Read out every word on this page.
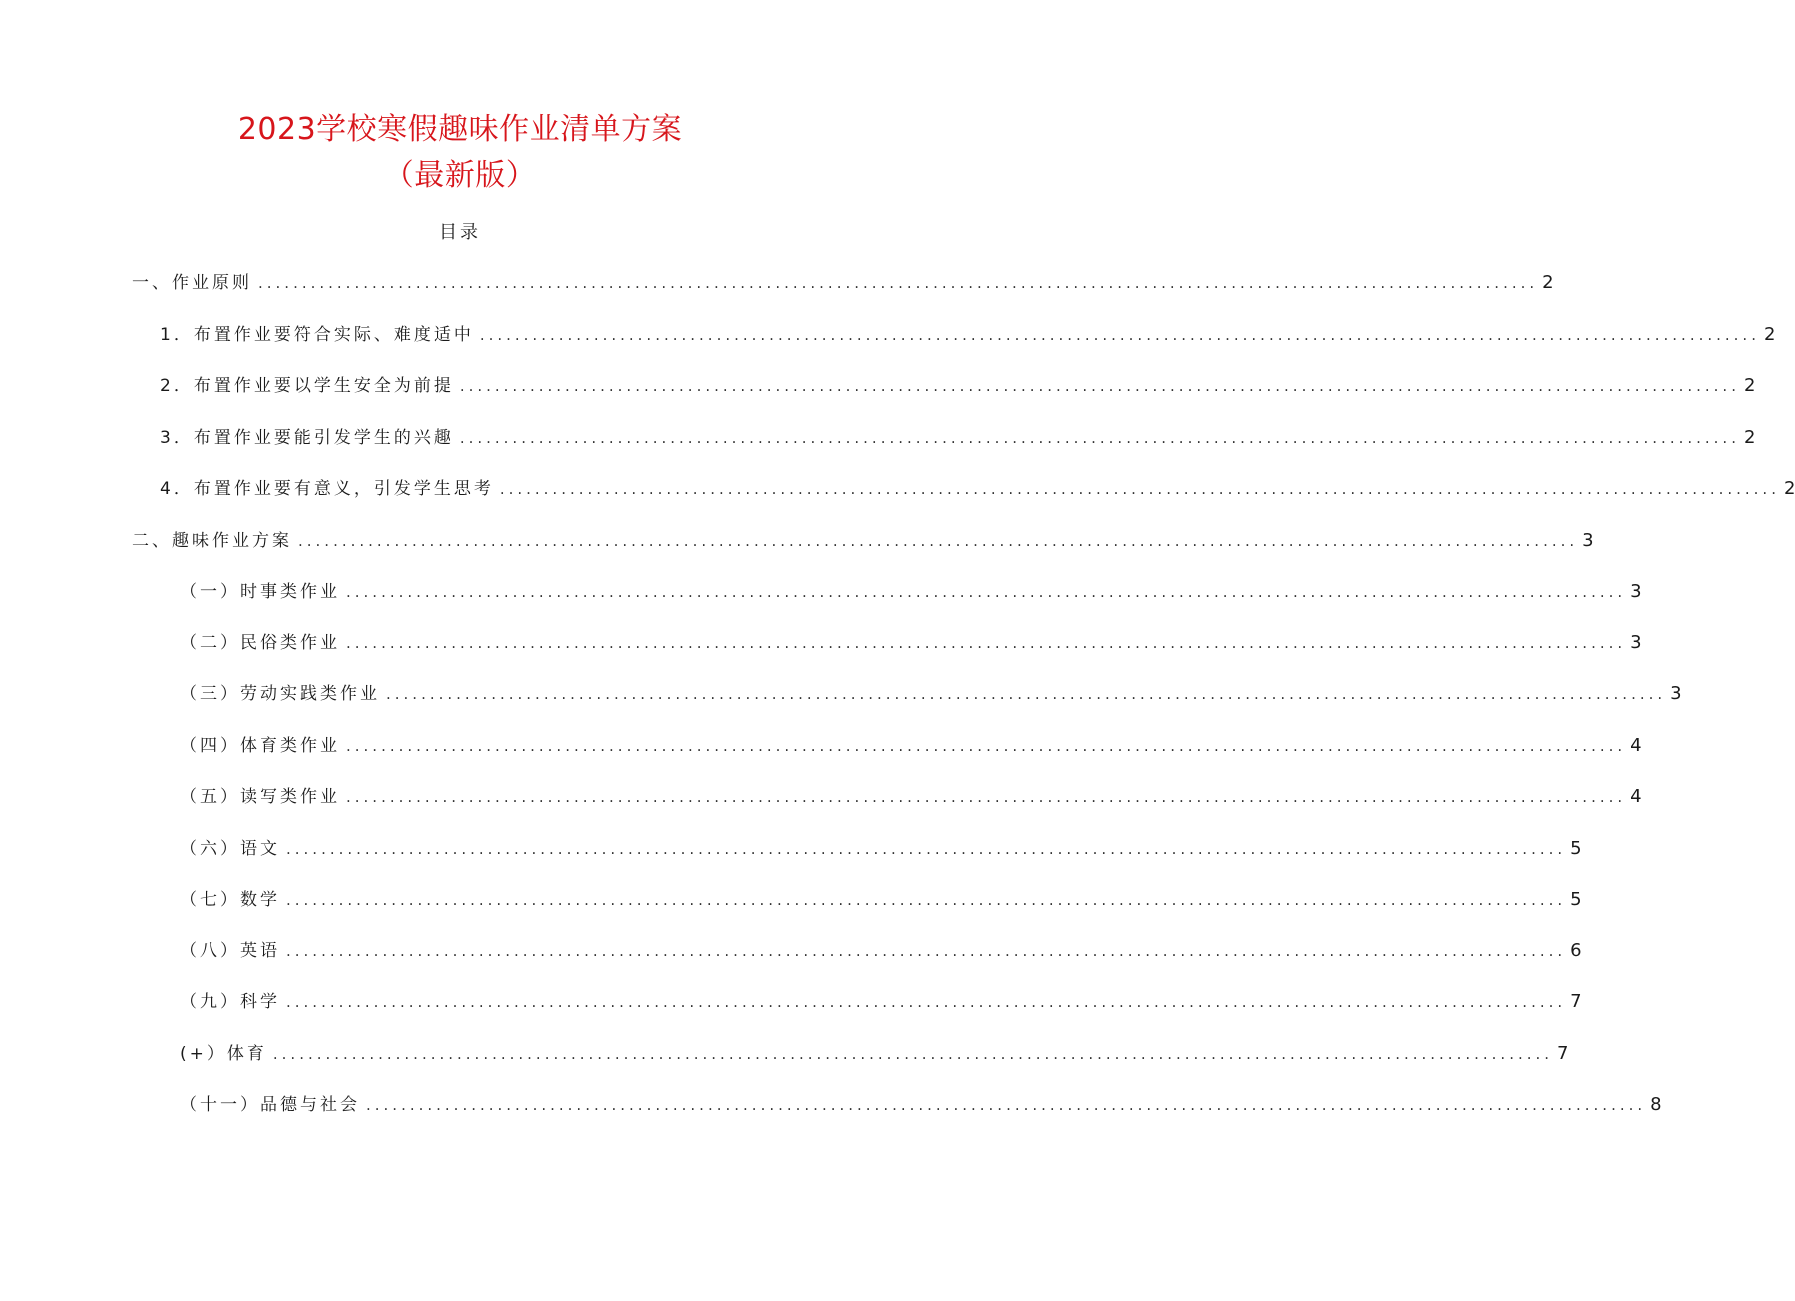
2023学校寒假趣味作业清单方案
（最新版）
目录
一、作业原则 .................................................................................................................................................. 2
1．布置作业要符合实际、难度适中 .................................................................................................................................................. 2
2．布置作业要以学生安全为前提 .................................................................................................................................................. 2
3．布置作业要能引发学生的兴趣 .................................................................................................................................................. 2
4．布置作业要有意义，引发学生思考 .................................................................................................................................................. 2
二、趣味作业方案 .................................................................................................................................................. 3
（一）时事类作业 .................................................................................................................................................. 3
（二）民俗类作业 .................................................................................................................................................. 3
（三）劳动实践类作业 .................................................................................................................................................. 3
（四）体育类作业 .................................................................................................................................................. 4
（五）读写类作业 .................................................................................................................................................. 4
（六）语文 .................................................................................................................................................. 5
（七）数学 .................................................................................................................................................. 5
（八）英语 .................................................................................................................................................. 6
（九）科学 .................................................................................................................................................. 7
(+）体育 .................................................................................................................................................. 7
（十一）品德与社会 .................................................................................................................................................. 8
